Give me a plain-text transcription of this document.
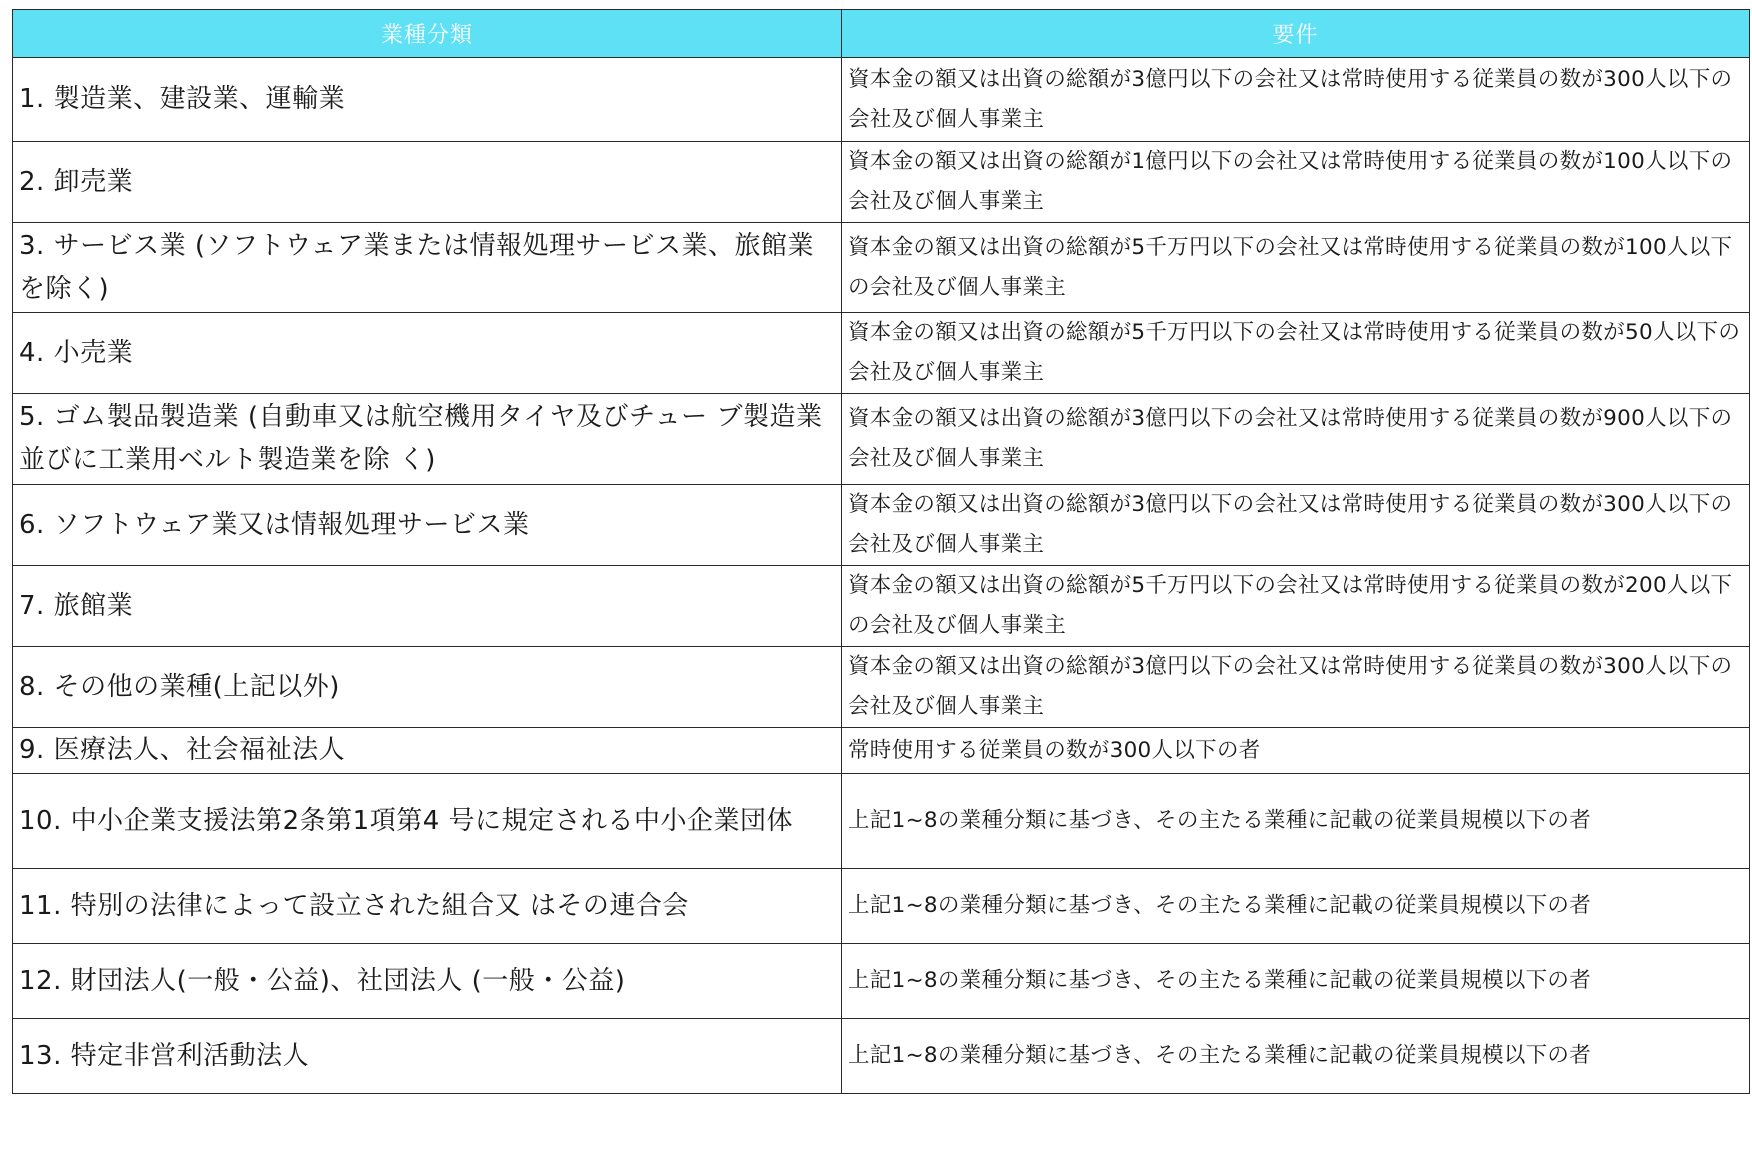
業種分類	要件
1. 製造業、建設業、運輸業	資本金の額又は出資の総額が3億円以下の会社又は常時使用する従業員の数が300人以下の会社及び個人事業主
2. 卸売業	資本金の額又は出資の総額が1億円以下の会社又は常時使用する従業員の数が100人以下の会社及び個人事業主
3. サービス業 (ソフトウェア業または情報処理サービス業、旅館業を除く)	資本金の額又は出資の総額が5千万円以下の会社又は常時使用する従業員の数が100人以下の会社及び個人事業主
4. 小売業	資本金の額又は出資の総額が5千万円以下の会社又は常時使用する従業員の数が50人以下の会社及び個人事業主
5. ゴム製品製造業 (自動車又は航空機用タイヤ及びチュー ブ製造業並びに工業用ベルト製造業を除 く)	資本金の額又は出資の総額が3億円以下の会社又は常時使用する従業員の数が900人以下の会社及び個人事業主
6. ソフトウェア業又は情報処理サービス業	資本金の額又は出資の総額が3億円以下の会社又は常時使用する従業員の数が300人以下の会社及び個人事業主
7. 旅館業	資本金の額又は出資の総額が5千万円以下の会社又は常時使用する従業員の数が200人以下の会社及び個人事業主
8. その他の業種(上記以外)	資本金の額又は出資の総額が3億円以下の会社又は常時使用する従業員の数が300人以下の会社及び個人事業主
9. 医療法人、社会福祉法人	常時使用する従業員の数が300人以下の者
10. 中小企業支援法第2条第1項第4 号に規定される中小企業団体	上記1~8の業種分類に基づき、その主たる業種に記載の従業員規模以下の者
11. 特別の法律によって設立された組合又 はその連合会	上記1~8の業種分類に基づき、その主たる業種に記載の従業員規模以下の者
12. 財団法人(一般・公益)、社団法人 (一般・公益)	上記1~8の業種分類に基づき、その主たる業種に記載の従業員規模以下の者
13. 特定非営利活動法人	上記1~8の業種分類に基づき、その主たる業種に記載の従業員規模以下の者
